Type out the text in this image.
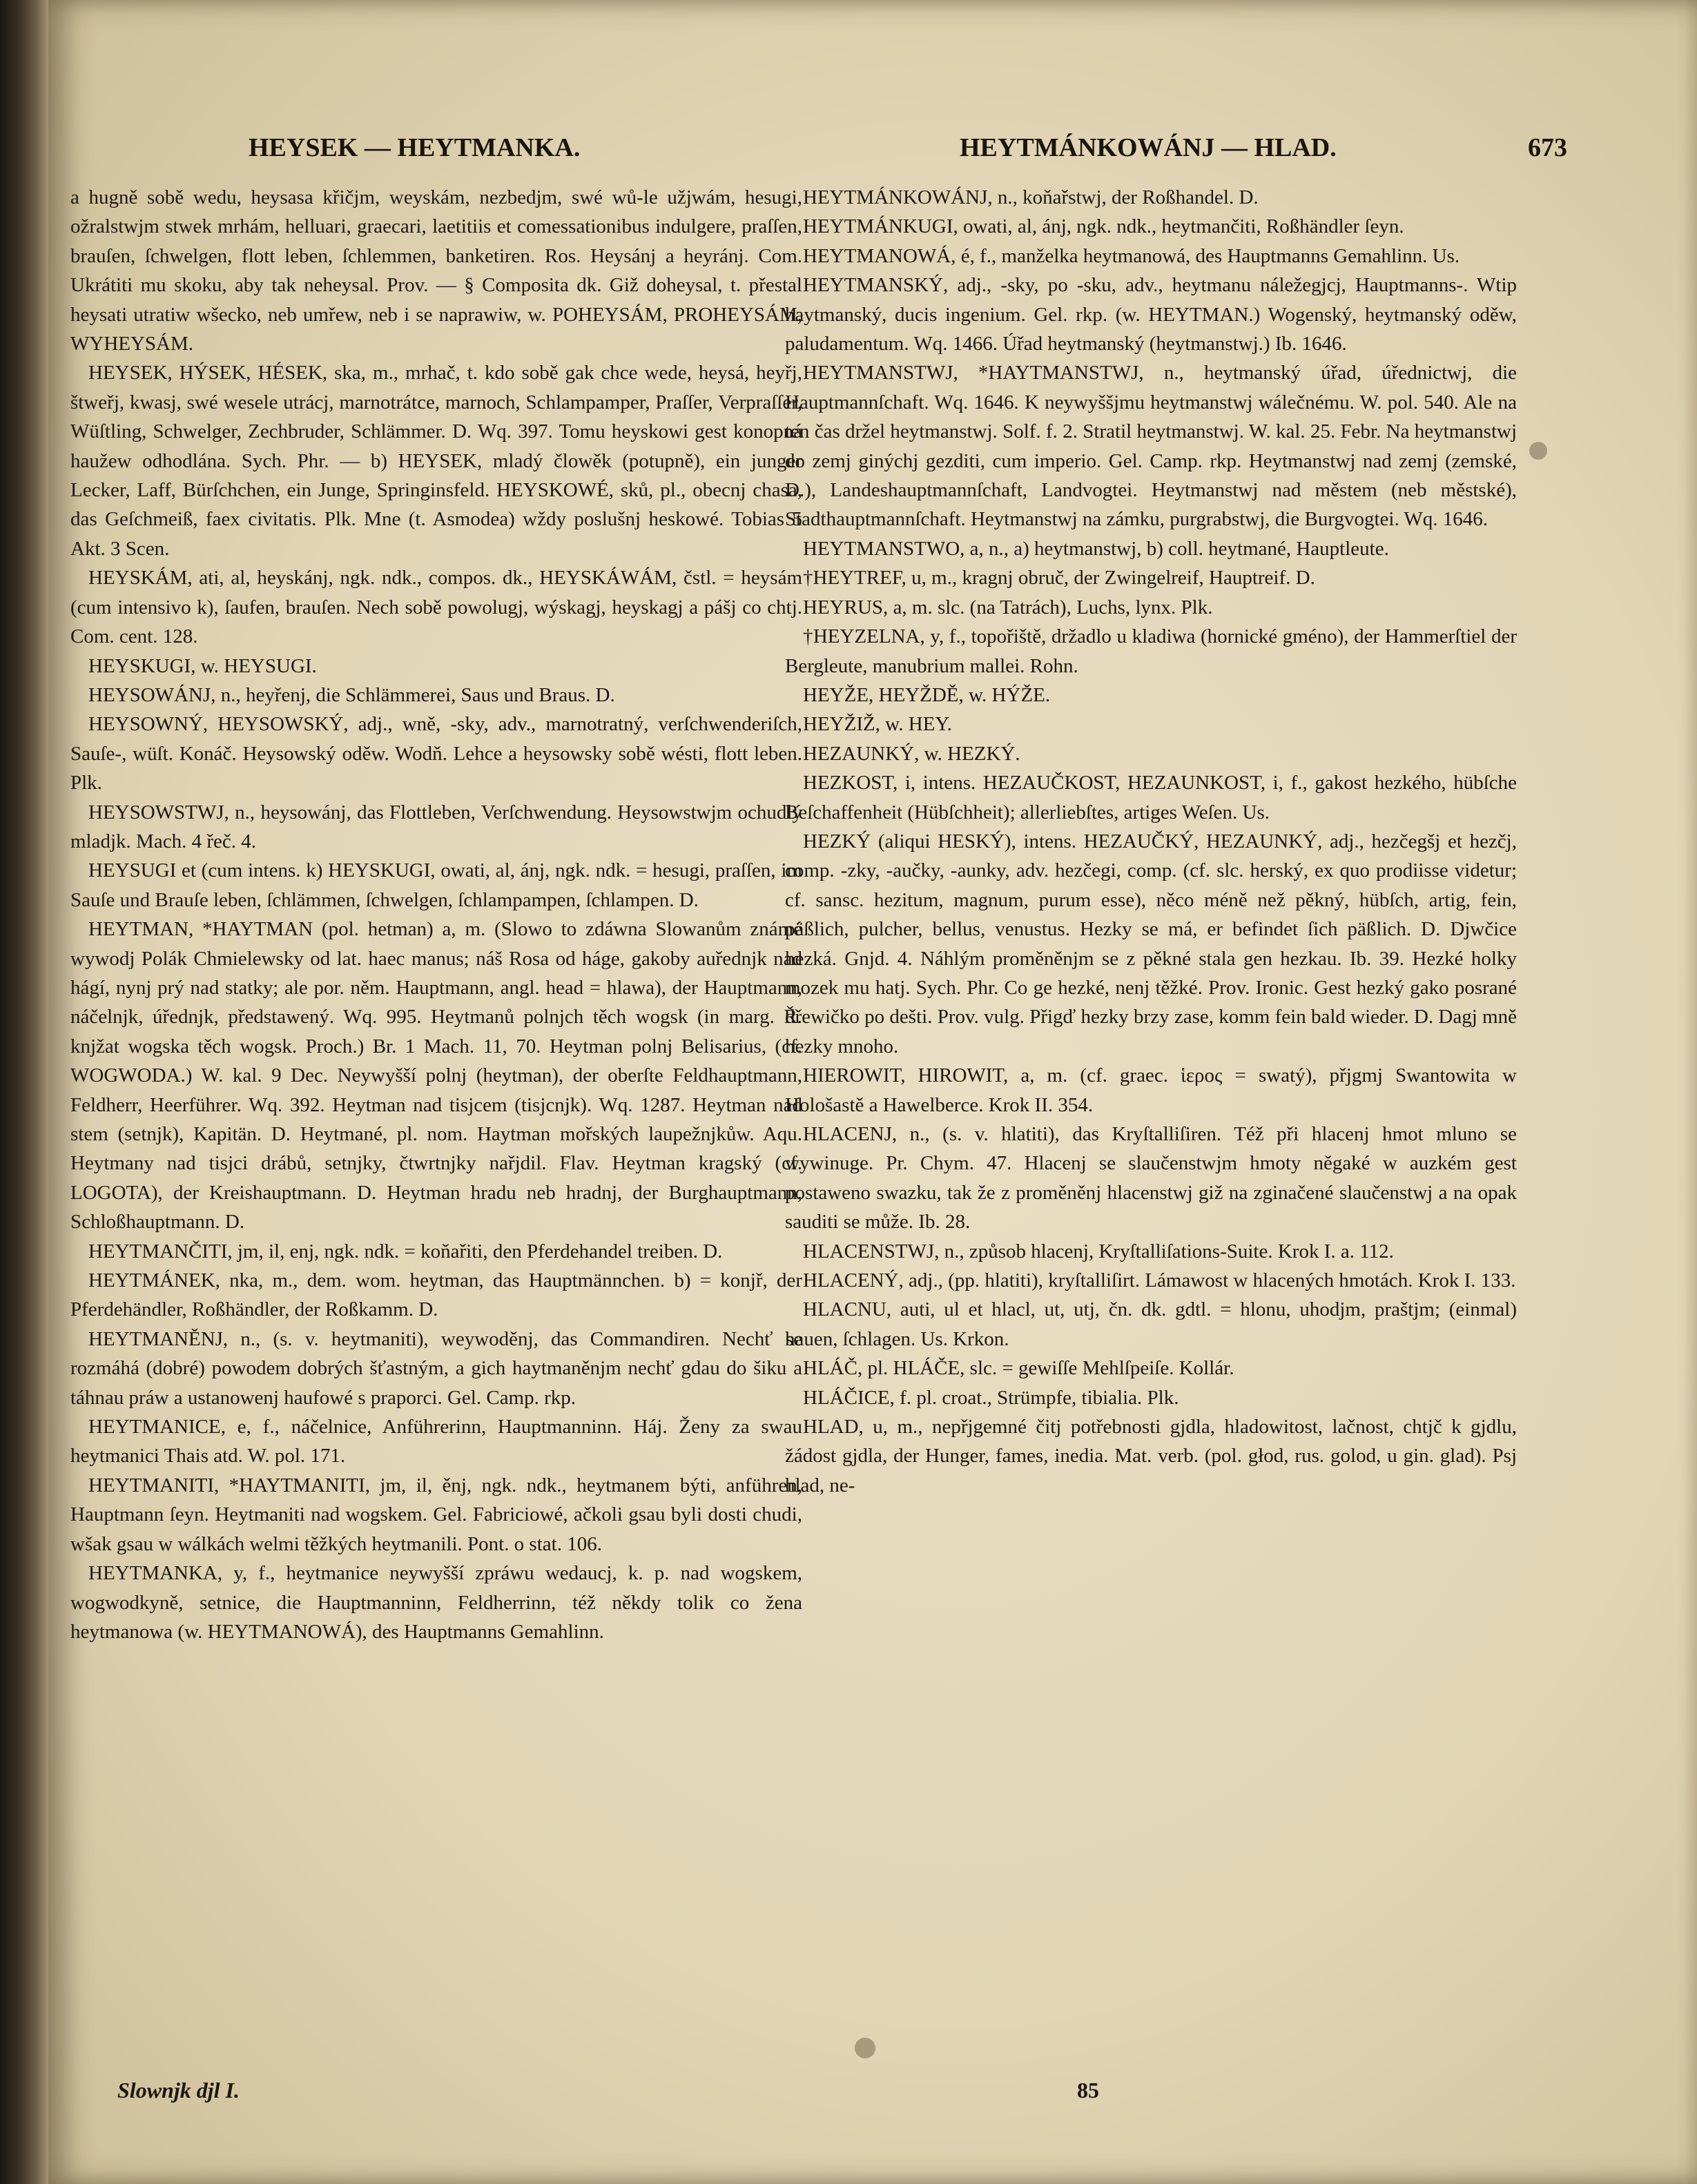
HEYSEK — HEYTMANKA.	HEYTMÁNKOWÁNJ — HLAD.	673

a hugně sobě wedu, heysasa křičjm, weyskám, nezbedjm, swé wů-le užjwám, hesugi, ožralstwjm stwek mrhám, helluari, graecari, laetitiis et comessationibus indulgere, praſſen, brauſen, ſchwelgen, flott leben, ſchlemmen, banketiren. Ros. Heysánj a heyránj. Com. Ukrátiti mu skoku, aby tak neheysal. Prov. — § Composita dk. Giž doheysal, t. přestal heysati utratiw wšecko, neb umřew, neb i se naprawiw, w. POHEYSÁM, PROHEYSÁM, WYHEYSÁM.

HEYSEK, HÝSEK, HÉSEK, ska, m., mrhač, t. kdo sobě gak chce wede, heysá, heyřj, štweřj, kwasj, swé wesele utrácj, marnotrátce, marnoch, Schlampamper, Praſſer, Verpraſſer, Wüſtling, Schwelger, Zechbruder, Schlämmer. D. Wq. 397. Tomu heyskowi gest konopná haužew odhodlána. Sych. Phr. — b) HEYSEK, mladý člowěk (potupně), ein junger Lecker, Laff, Bürſchchen, ein Junge, Springinsfeld. HEYSKOWÉ, sků, pl., obecnj chasa, das Geſchmeiß, faex civitatis. Plk. Mne (t. Asmodea) wždy poslušnj heskowé. Tobias 5 Akt. 3 Scen.

HEYSKÁM, ati, al, heyskánj, ngk. ndk., compos. dk., HEYSKÁWÁM, čstl. = heysám (cum intensivo k), ſaufen, brauſen. Nech sobě powolugj, wýskagj, heyskagj a pášj co chtj. Com. cent. 128.

HEYSKUGI, w. HEYSUGI.

HEYSOWÁNJ, n., heyřenj, die Schlämmerei, Saus und Braus. D.

HEYSOWNÝ, HEYSOWSKÝ, adj., wně, -sky, adv., marnotratný, verſchwenderiſch, Sauſe-, wüſt. Konáč. Heysowský oděw. Wodň. Lehce a heysowsky sobě wésti, flott leben. Plk.

HEYSOWSTWJ, n., heysowánj, das Flottleben, Verſchwendung. Heysowstwjm ochudlý mladjk. Mach. 4 řeč. 4.

HEYSUGI et (cum intens. k) HEYSKUGI, owati, al, ánj, ngk. ndk. = hesugi, praſſen, im Sauſe und Brauſe leben, ſchlämmen, ſchwelgen, ſchlampampen, ſchlampen. D.

HEYTMAN, *HAYTMAN (pol. hetman) a, m. (Slowo to zdáwna Slowanům známé wywodj Polák Chmielewsky od lat. haec manus; náš Rosa od háge, gakoby auřednjk nad hágí, nynj prý nad statky; ale por. něm. Hauptmann, angl. head = hlawa), der Hauptmann, náčelnjk, úřednjk, předstawený. Wq. 995. Heytmanů polnjch těch wogsk (in marg. Ř. knjžat wogska těch wogsk. Proch.) Br. 1 Mach. 11, 70. Heytman polnj Belisarius, (cf. WOGWODA.) W. kal. 9 Dec. Neywyšší polnj (heytman), der oberſte Feldhauptmann, Feldherr, Heerführer. Wq. 392. Heytman nad tisjcem (tisjcnjk). Wq. 1287. Heytman nad stem (setnjk), Kapitän. D. Heytmané, pl. nom. Haytman mořských laupežnjkůw. Aqu. Heytmany nad tisjci drábů, setnjky, čtwrtnjky nařjdil. Flav. Heytman kragský (cf. LOGOTA), der Kreishauptmann. D. Heytman hradu neb hradnj, der Burghauptmann, Schloßhauptmann. D.

HEYTMANČITI, jm, il, enj, ngk. ndk. = koňařiti, den Pferdehandel treiben. D.

HEYTMÁNEK, nka, m., dem. wom. heytman, das Hauptmännchen. b) = konjř, der Pferdehändler, Roßhändler, der Roßkamm. D.

HEYTMANĚNJ, n., (s. v. heytmaniti), weywoděnj, das Commandiren. Nechť se rozmáhá (dobré) powodem dobrých šťastným, a gich haytmaněnjm nechť gdau do šiku a táhnau práw a ustanowenj haufowé s praporci. Gel. Camp. rkp.

HEYTMANICE, e, f., náčelnice, Anführerinn, Hauptmanninn. Háj. Ženy za swau heytmanici Thais atd. W. pol. 171.

HEYTMANITI, *HAYTMANITI, jm, il, ěnj, ngk. ndk., heytmanem býti, anführen, Hauptmann ſeyn. Heytmaniti nad wogskem. Gel. Fabriciowé, ačkoli gsau byli dosti chudi, wšak gsau w wálkách welmi těžkých heytmanili. Pont. o stat. 106.

HEYTMANKA, y, f., heytmanice neywyšší zpráwu wedaucj, k. p. nad wogskem, wogwodkyně, setnice, die Hauptmanninn, Feldherrinn, též někdy tolik co žena heytmanowa (w. HEYTMANOWÁ), des Hauptmanns Gemahlinn.

HEYTMÁNKOWÁNJ, n., koňařstwj, der Roßhandel. D.

HEYTMÁNKUGI, owati, al, ánj, ngk. ndk., heytmančiti, Roßhändler ſeyn.

HEYTMANOWÁ, é, f., manželka heytmanowá, des Hauptmanns Gemahlinn. Us.

HEYTMANSKÝ, adj., -sky, po -sku, adv., heytmanu náležegjcj, Hauptmanns-. Wtip haytmanský, ducis ingenium. Gel. rkp. (w. HEYTMAN.) Wogenský, heytmanský oděw, paludamentum. Wq. 1466. Úřad heytmanský (heytmanstwj.) Ib. 1646.

HEYTMANSTWJ, *HAYTMANSTWJ, n., heytmanský úřad, úřednictwj, die Hauptmannſchaft. Wq. 1646. K neywyššjmu heytmanstwj wálečnému. W. pol. 540. Ale na ten čas držel heytmanstwj. Solf. f. 2. Stratil heytmanstwj. W. kal. 25. Febr. Na heytmanstwj do zemj ginýchj gezditi, cum imperio. Gel. Camp. rkp. Heytmanstwj nad zemj (zemské, D.), Landeshauptmannſchaft, Landvogtei. Heytmanstwj nad městem (neb městské), Stadthauptmannſchaft. Heytmanstwj na zámku, purgrabstwj, die Burgvogtei. Wq. 1646.

HEYTMANSTWO, a, n., a) heytmanstwj, b) coll. heytmané, Hauptleute.

†HEYTREF, u, m., kragnj obruč, der Zwingelreif, Hauptreif. D.

HEYRUS, a, m. slc. (na Tatrách), Luchs, lynx. Plk.

†HEYZELNA, y, f., topořiště, držadlo u kladiwa (hornické gméno), der Hammerſtiel der Bergleute, manubrium mallei. Rohn.

HEYŽE, HEYŽDĚ, w. HÝŽE.

HEYŽIŽ, w. HEY.

HEZAUNKÝ, w. HEZKÝ.

HEZKOST, i, intens. HEZAUČKOST, HEZAUNKOST, i, f., gakost hezkého, hübſche Beſchaffenheit (Hübſchheit); allerliebſtes, artiges Weſen. Us.

HEZKÝ (aliqui HESKÝ), intens. HEZAUČKÝ, HEZAUNKÝ, adj., hezčegšj et hezčj, comp. -zky, -aučky, -aunky, adv. hezčegi, comp. (cf. slc. herský, ex quo prodiisse videtur; cf. sansc. hezitum, magnum, purum esse), něco méně než pěkný, hübſch, artig, fein, päßlich, pulcher, bellus, venustus. Hezky se má, er befindet ſich päßlich. D. Djwčice hezká. Gnjd. 4. Náhlým proměněnjm se z pěkné stala gen hezkau. Ib. 39. Hezké holky mozek mu hatj. Sych. Phr. Co ge hezké, nenj těžké. Prov. Ironic. Gest hezký gako posrané dřewičko po dešti. Prov. vulg. Přigď hezky brzy zase, komm fein bald wieder. D. Dagj mně hezky mnoho.

HIEROWIT, HIROWIT, a, m. (cf. graec. ἱερος = swatý), přjgmj Swantowita w Hološastě a Hawelberce. Krok II. 354.

HLACENJ, n., (s. v. hlatiti), das Kryſtalliſiren. Též při hlacenj hmot mluno se wywinuge. Pr. Chym. 47. Hlacenj se slaučenstwjm hmoty něgaké w auzkém gest postaweno swazku, tak že z proměněnj hlacenstwj giž na zginačené slaučenstwj a na opak sauditi se může. Ib. 28.

HLACENSTWJ, n., způsob hlacenj, Kryſtalliſations-Suite. Krok I. a. 112.

HLACENÝ, adj., (pp. hlatiti), kryſtalliſirt. Lámawost w hlacených hmotách. Krok I. 133.

HLACNU, auti, ul et hlacl, ut, utj, čn. dk. gdtl. = hlonu, uhodjm, praštjm; (einmal) hauen, ſchlagen. Us. Krkon.

HLÁČ, pl. HLÁČE, slc. = gewiſſe Mehlſpeiſe. Kollár.

HLÁČICE, f. pl. croat., Strümpfe, tibialia. Plk.

HLAD, u, m., nepřjgemné čitj potřebnosti gjdla, hladowitost, lačnost, chtjč k gjdlu, žádost gjdla, der Hunger, fames, inedia. Mat. verb. (pol. głod, rus. golod, u gin. glad). Psj hlad, ne-

Slownjk djl I.	85
